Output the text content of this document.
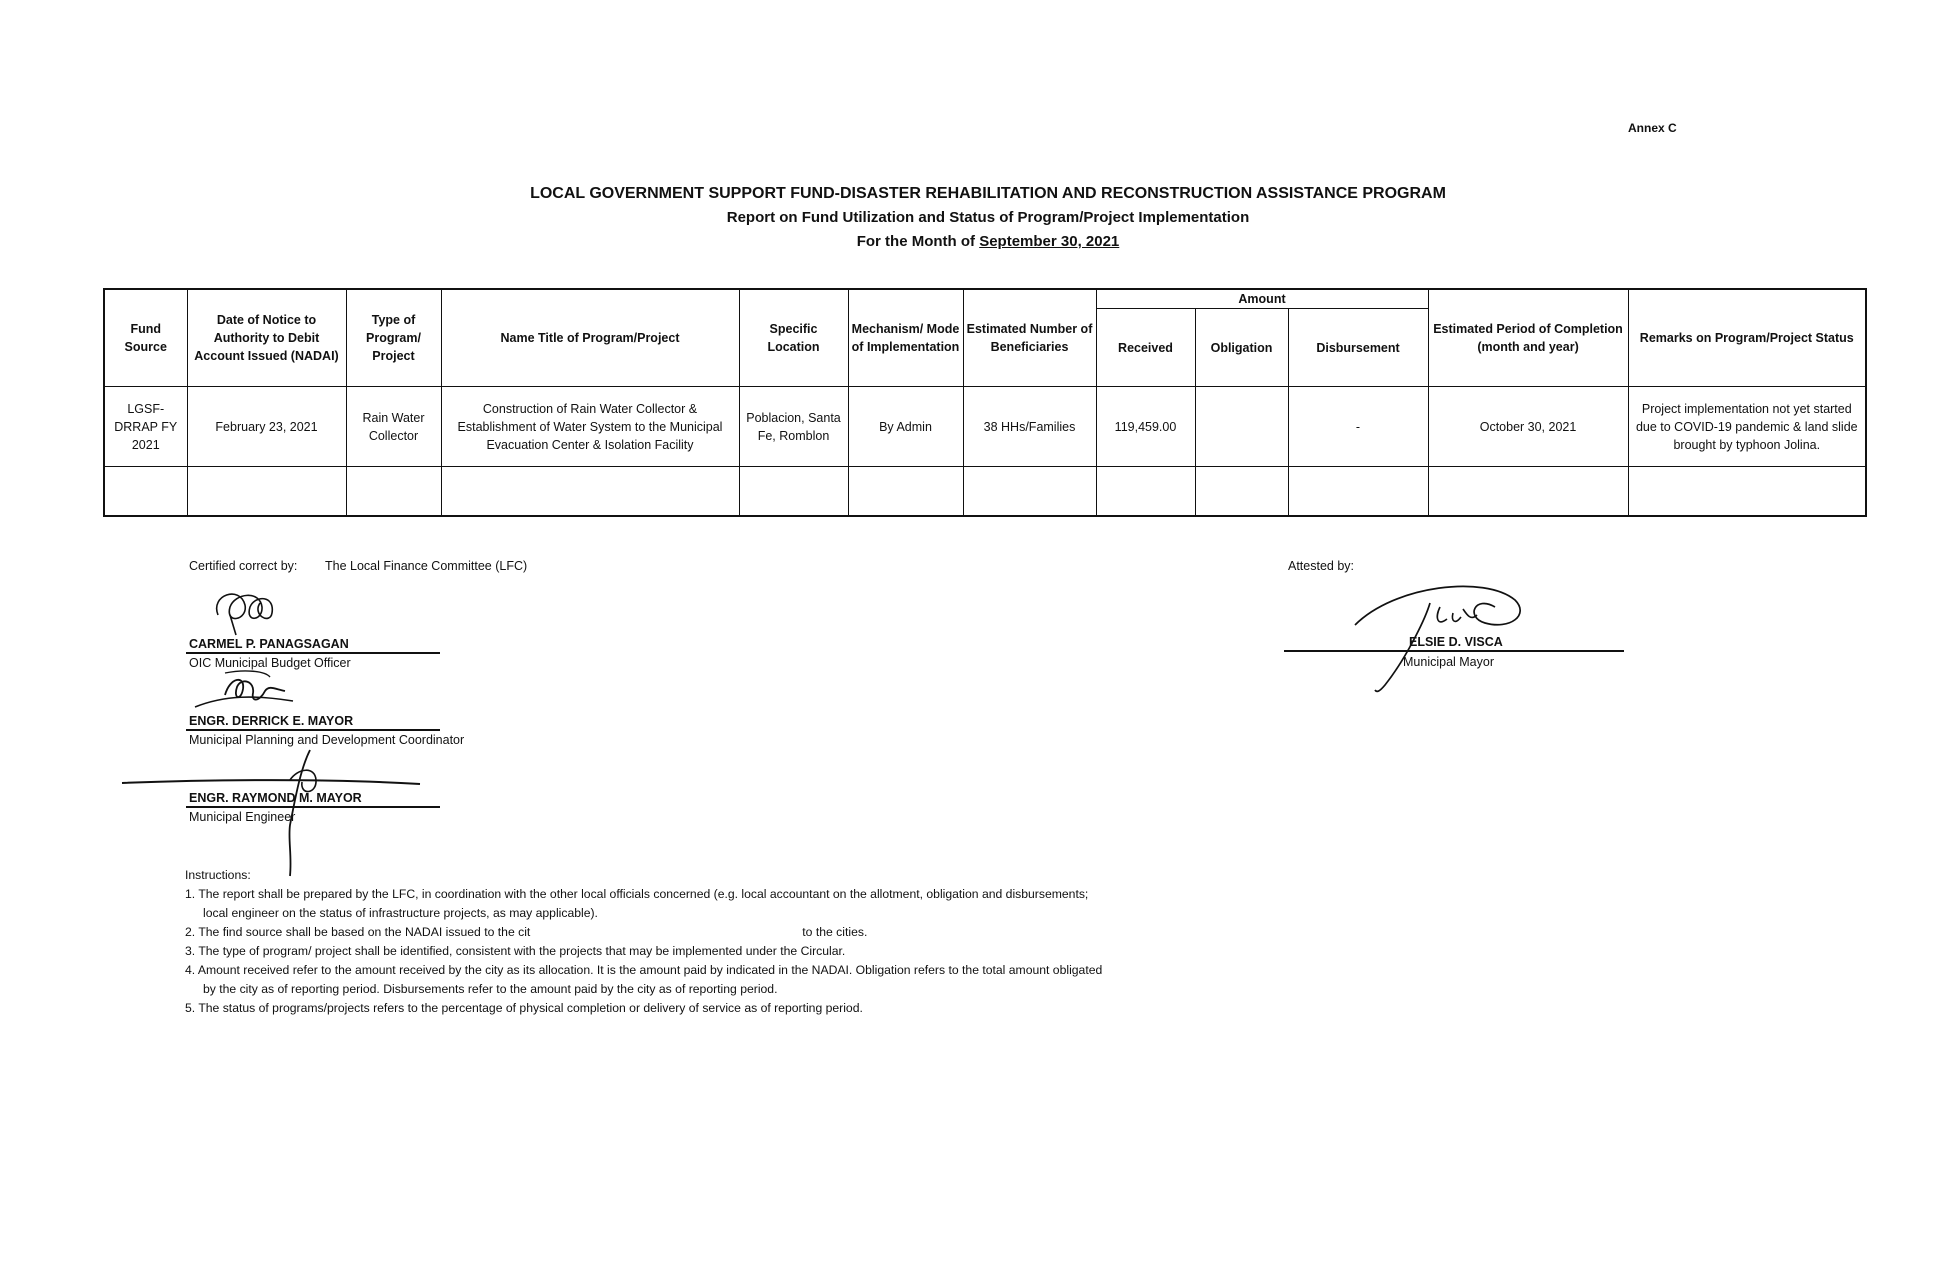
Annex C
LOCAL GOVERNMENT SUPPORT FUND-DISASTER REHABILITATION AND RECONSTRUCTION ASSISTANCE PROGRAM
Report on Fund Utilization and Status of Program/Project Implementation
For the Month of September 30, 2021
Fund Source	Date of Notice to Authority to Debit Account Issued (NADAI)	Type of Program/ Project	Name Title of Program/Project	Specific Location	Mechanism/ Mode of Implementation	Estimated Number of Beneficiaries	Amount			Estimated Period of Completion (month and year)	Remarks on Program/Project Status
							Received	Obligation	Disbursement		
LGSF-DRRAP FY 2021	February 23, 2021	Rain Water Collector	Construction of Rain Water Collector & Establishment of Water System to the Municipal Evacuation Center & Isolation Facility	Poblacion, Santa Fe, Romblon	By Admin	38 HHs/Families	119,459.00		-	October 30, 2021	Project implementation not yet started due to COVID-19 pandemic & land slide brought by typhoon Jolina.

Certified correct by: The Local Finance Committee (LFC)
CARMEL P. PANAGSAGAN
OIC Municipal Budget Officer
ENGR. DERRICK E. MAYOR
Municipal Planning and Development Coordinator
ENGR. RAYMOND M. MAYOR
Municipal Engineer
Attested by:
ELSIE D. VISCA
Municipal Mayor
Instructions:
1. The report shall be prepared by the LFC, in coordination with the other local officials concerned (e.g. local accountant on the allotment, obligation and disbursements;
local engineer on the status of infrastructure projects, as may applicable).
2. The find source shall be based on the NADAI issued to the cit	to the cities.
3. The type of program/ project shall be identified, consistent with the projects that may be implemented under the Circular.
4. Amount received refer to the amount received by the city as its allocation. It is the amount paid by indicated in the NADAI. Obligation refers to the total amount obligated
by the city as of reporting period. Disbursements refer to the amount paid by the city as of reporting period.
5. The status of programs/projects refers to the percentage of physical completion or delivery of service as of reporting period.
